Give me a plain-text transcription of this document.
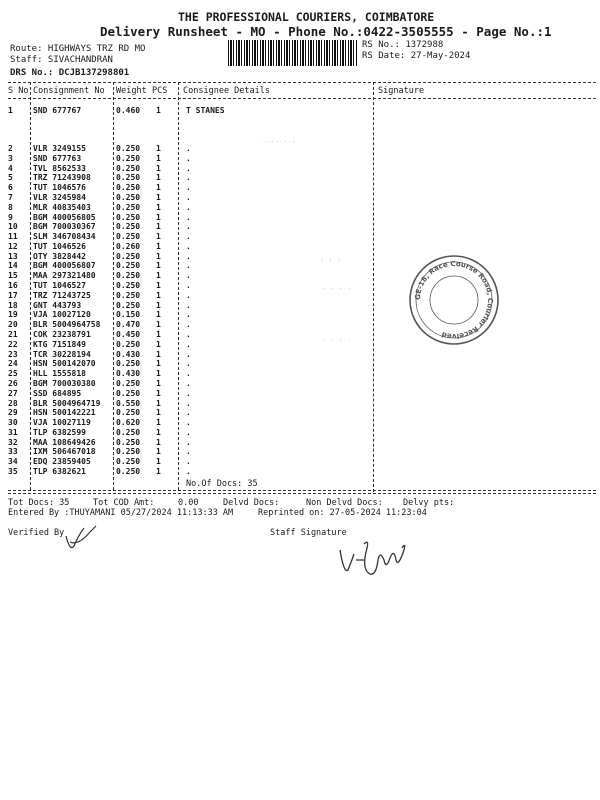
THE PROFESSIONAL COURIERS, COIMBATORE
Delivery Runsheet - MO - Phone No.:0422-3505555 - Page No.:1
Route: HIGHWAYS TRZ RD MO
Staff: SIVACHANDRAN
DRS No.: DCJB137298801
RS No.: 1372988
RS Date: 27-May-2024
S No Consignment No Weight PCS Consignee Details	Signature
1	SND 677767	0.460 1	T STANES
........
: : :
· · · ·
· · · ·
2	VLR 3249155	0.250 1	.
3	SND 677763	0.250 1	.
4	TVL 8562533	0.250 1	.
5	TRZ 71243908	0.250 1	.
6	TUT 1046576	0.250 1	.
7	VLR 3245984	0.250 1	.
8	MLR 40835403	0.250 1	.
9	BGM 400056805	0.250 1	.
10 BGM 700030367	0.250 1	.
11 SLM 346708434	0.250 1	.
12 TUT 1046526	0.260 1	.
13 OTY 3828442	0.250 1	.
14 BGM 400056807	0.250 1	.
15 MAA 297321480	0.250 1	.
16 TUT 1046527	0.250 1	.
17 TRZ 71243725	0.250 1	.
18 GNT 443793	0.250 1	.
19 VJA 10027120	0.150 1	.
20 BLR 5004964758 0.470 1	.
21 COK 23238791	0.450 1	.
22 KTG 7151849	0.250 1	.
23 TCR 30228194	0.430 1	.
24 HSN 500142070	0.250 1	.
25 HLL 1555818	0.430 1	.
26 BGM 700030380	0.250 1	.
27 SSD 684895	0.250 1	.
28 BLR 5004964719 0.550 1	.
29 HSN 500142221	0.250 1	.
30 VJA 10027119	0.620 1	.
31 TLP 6382599	0.250 1	.
32 MAA 108649426	0.250 1	.
33 IXM 506467018	0.250 1	.
34 EDQ 23859405	0.250 1	.
35 TLP 6382621	0.250 1	.
No.Of Docs: 35
Tot Docs: 35	Tot COD Amt:	0.00	Delvd Docs:	Non Delvd Docs: Delvy pts:
Entered By :THUYAMANI 05/27/2024 11:13:33 AM	Reprinted on: 27-05-2024 11:23:04
Verified By	Staff Signature
GE-18, Race Course Road, Courier Received
